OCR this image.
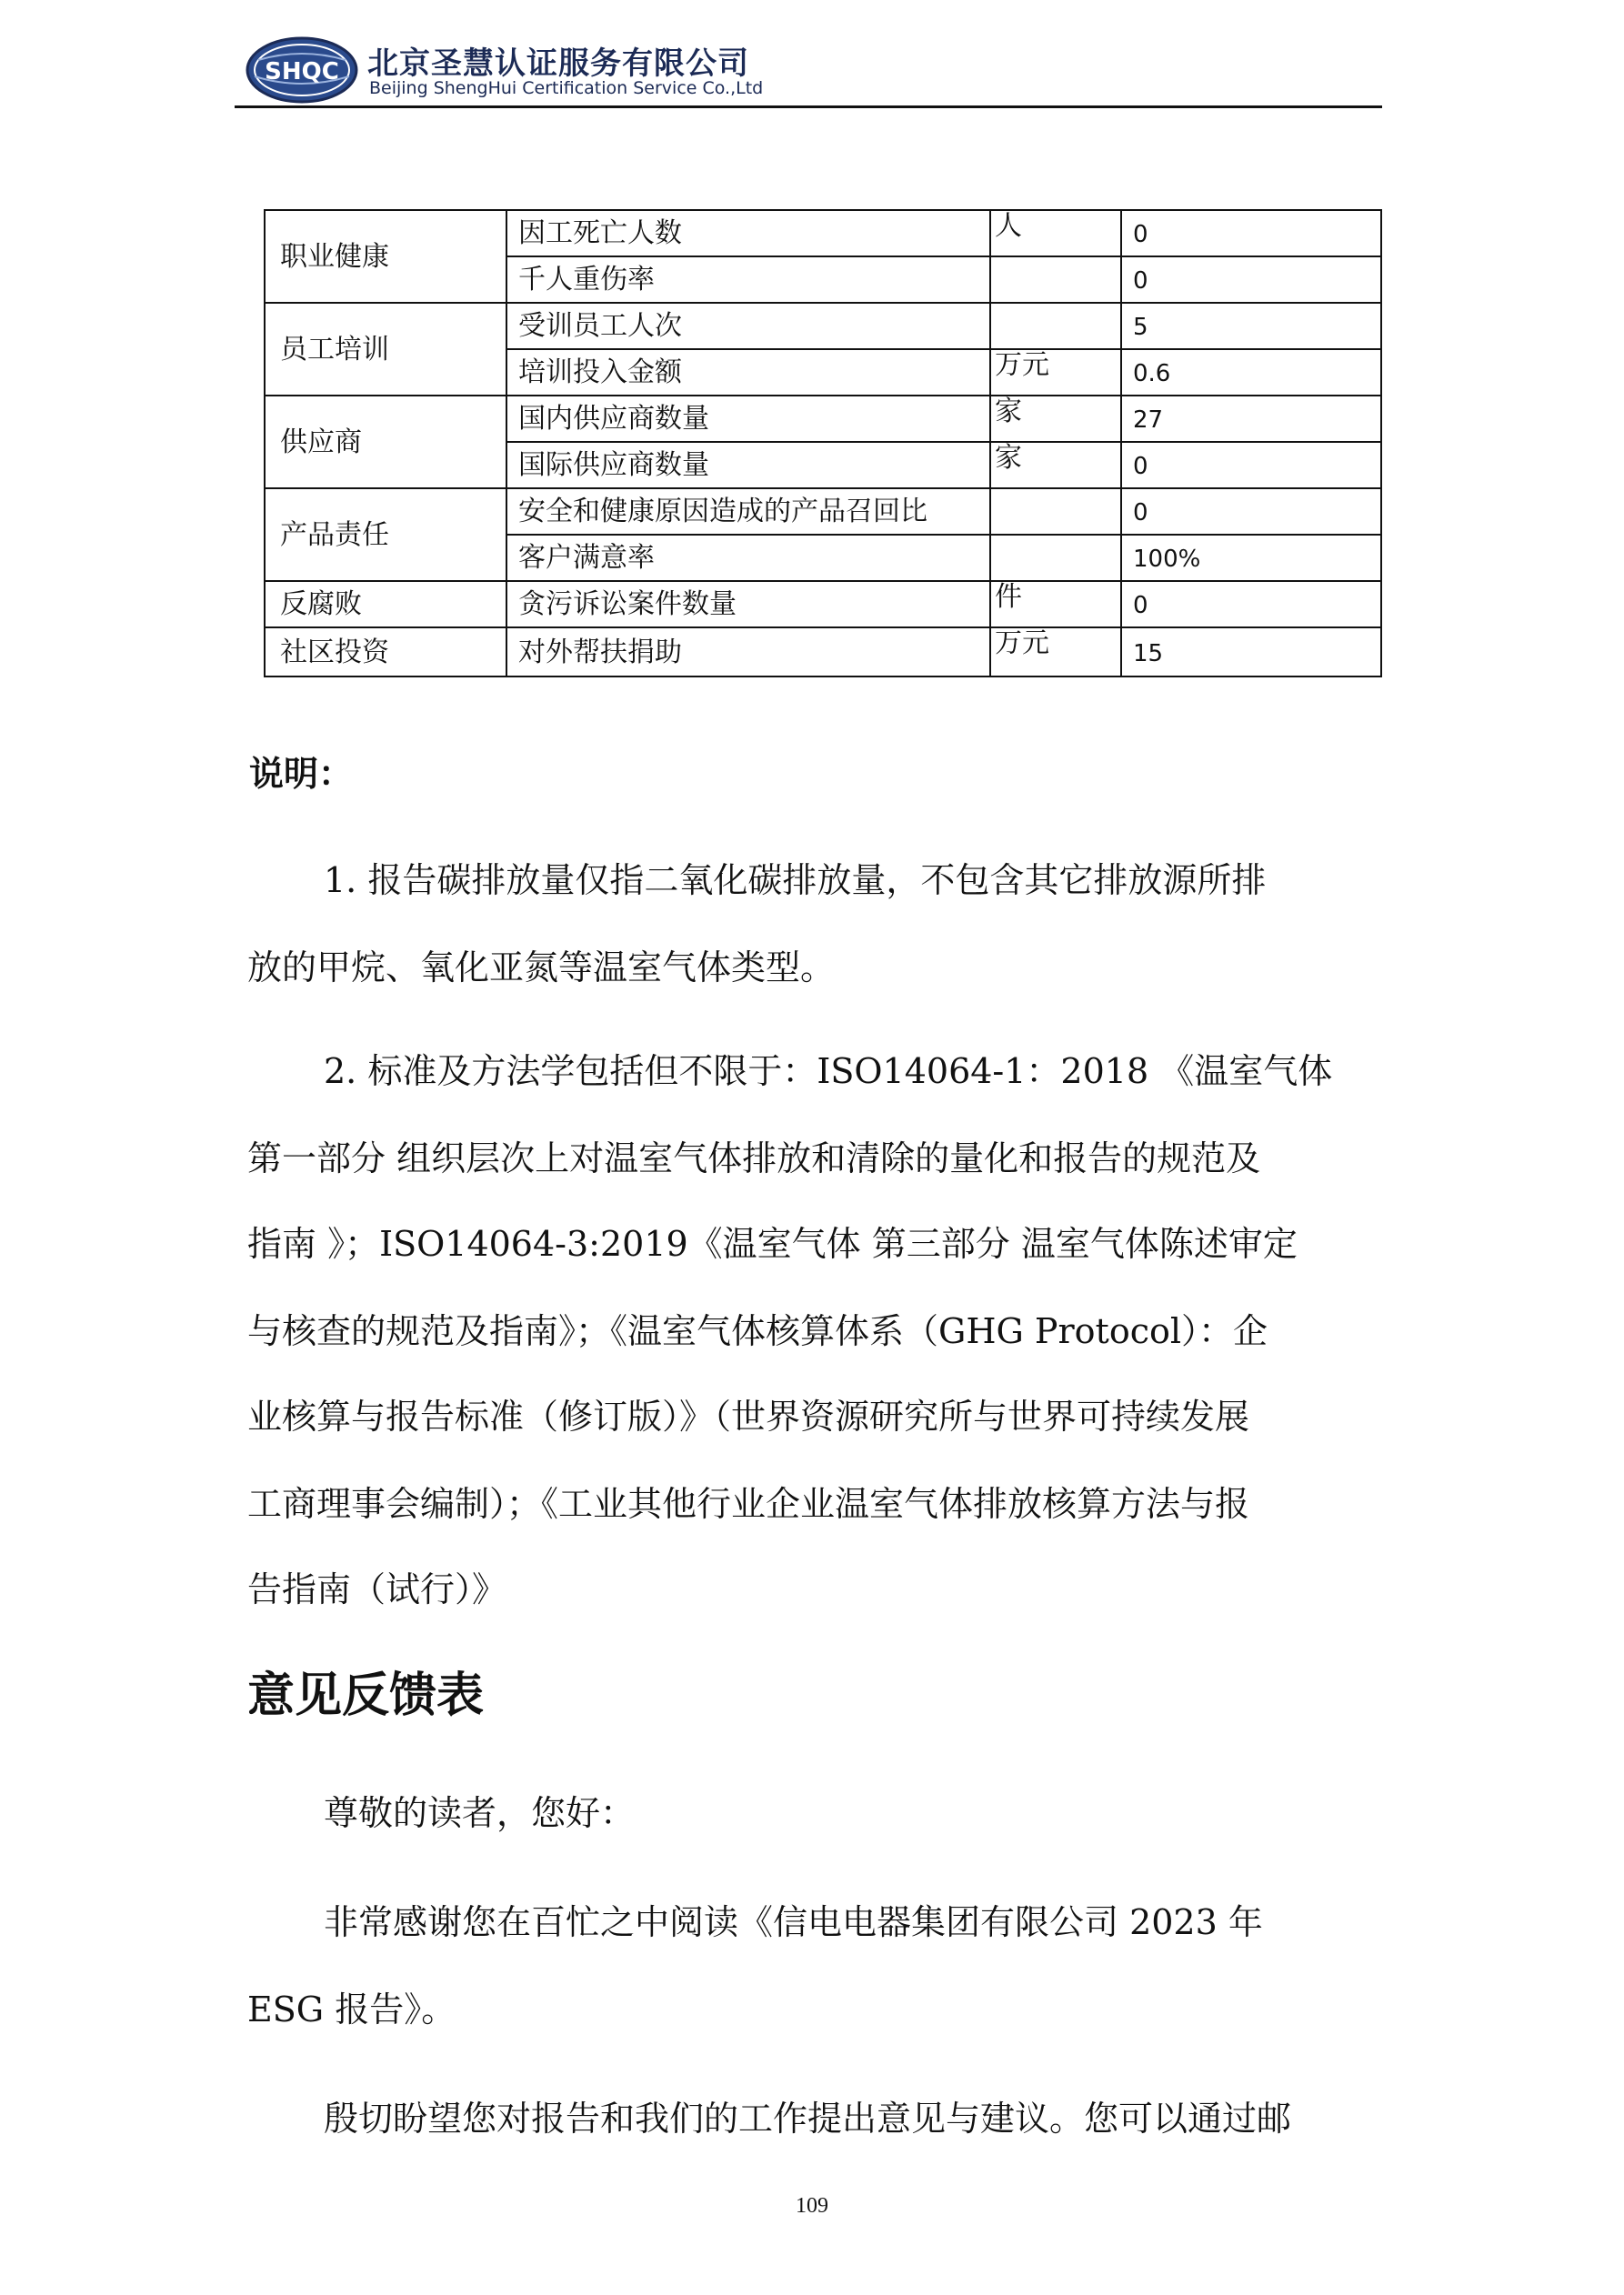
SHQC 北京圣慧认证服务有限公司
Beijing ShengHui Certification Service Co.,Ltd
职业健康	因工死亡人数	人	0
	千人重伤率		0
员工培训	受训员工人次		5
	培训投入金额	万元	0.6
供应商	国内供应商数量	家	27
	国际供应商数量	家	0
产品责任	安全和健康原因造成的产品召回比		0
	客户满意率		100%
反腐败	贪污诉讼案件数量	件	0
社区投资	对外帮扶捐助	万元	15
说明：
1. 报告碳排放量仅指二氧化碳排放量，不包含其它排放源所排
放的甲烷、氧化亚氮等温室气体类型。
2. 标准及方法学包括但不限于：ISO14064-1：2018 《温室气体
第一部分 组织层次上对温室气体排放和清除的量化和报告的规范及
指南 》；ISO14064-3:2019《温室气体 第三部分 温室气体陈述审定
与核查的规范及指南》；《温室气体核算体系（GHG Protocol）：企
业核算与报告标准（修订版）》（世界资源研究所与世界可持续发展
工商理事会编制）；《工业其他行业企业温室气体排放核算方法与报
告指南（试行）》
意见反馈表
尊敬的读者，您好：
非常感谢您在百忙之中阅读《信电电器集团有限公司 2023 年
ESG 报告》。
殷切盼望您对报告和我们的工作提出意见与建议。您可以通过邮
109
